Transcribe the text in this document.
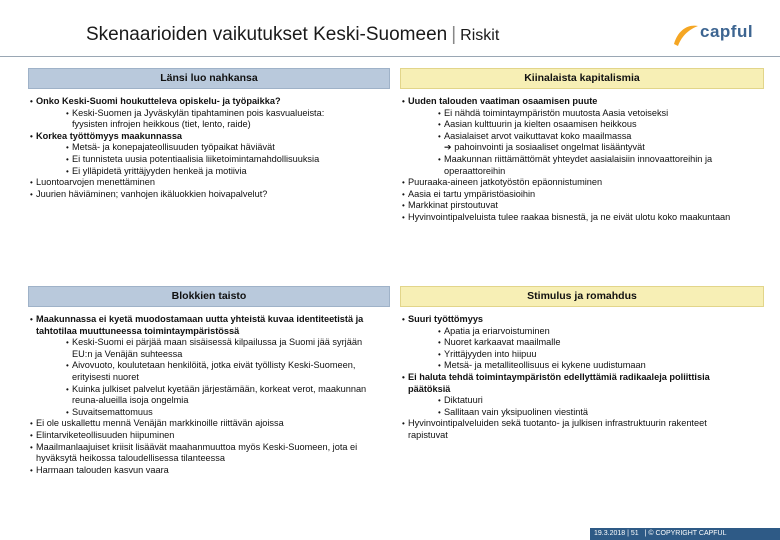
Skenaarioiden vaikutukset Keski-Suomeen | Riskit	capful
Länsi luo nahkansa	Kiinalaista kapitalismia
Blokkien taisto	Stimulus ja romahdus
• Onko Keski-Suomi houkutteleva opiskelu- ja työpaikka?
• Keski-Suomen ja Jyväskylän tipahtaminen pois kasvualueista: fyysisten infrojen heikkous (tiet, lento, raide)
• Korkea työttömyys maakunnassa
• Metsä- ja konepajateollisuuden työpaikat häviävät
• Ei tunnisteta uusia potentiaalisia liiketoimintamahdollisuuksia
• Ei ylläpidetä yrittäjyyden henkeä ja motiivia
• Luontoarvojen menettäminen
• Juurien häviäminen; vanhojen ikäluokkien hoivapalvelut?
• Uuden talouden vaatiman osaamisen puute
• Ei nähdä toimintaympäristön muutosta Aasia vetoiseksi
• Aasian kulttuurin ja kielten osaamisen heikkous
• Aasialaiset arvot vaikuttavat koko maailmassa
➔ pahoinvointi ja sosiaaliset ongelmat lisääntyvät
• Maakunnan riittämättömät yhteydet aasialaisiin innovaattoreihin ja operaattoreihin
• Puuraaka-aineen jatkotyöstön epäonnistuminen
• Aasia ei tartu ympäristöasioihin
• Markkinat pirstoutuvat
• Hyvinvointipalveluista tulee raakaa bisnestä, ja ne eivät ulotu koko maakuntaan
• Maakunnassa ei kyetä muodostamaan uutta yhteistä kuvaa identiteetistä ja tahtotilaa muuttuneessa toimintaympäristössä
• Keski-Suomi ei pärjää maan sisäisessä kilpailussa ja Suomi jää syrjään EU:n ja Venäjän suhteessa
• Aivovuoto, koulutetaan henkilöitä, jotka eivät työllisty Keski-Suomeen, erityisesti nuoret
• Kuinka julkiset palvelut kyetään järjestämään, korkeat verot, maakunnan reuna-alueilla isoja ongelmia
• Suvaitsemattomuus
• Ei ole uskallettu mennä Venäjän markkinoille riittävän ajoissa
• Elintarviketeollisuuden hiipuminen
• Maailmanlaajuiset kriisit lisäävät maahanmuuttoa myös Keski-Suomeen, jota ei hyväksytä heikossa taloudellisessa tilanteessa
• Harmaan talouden kasvun vaara
• Suuri työttömyys
• Apatia ja eriarvoistuminen
• Nuoret karkaavat maailmalle
• Yrittäjyyden into hiipuu
• Metsä- ja metalliteollisuus ei kykene uudistumaan
• Ei haluta tehdä toimintaympäristön edellyttämiä radikaaleja poliittisia päätöksiä
• Diktatuuri
• Sallitaan vain yksipuolinen viestintä
• Hyvinvointipalveluiden sekä tuotanto- ja julkisen infrastruktuurin rakenteet rapistuvat
19.3.2018 | 51 | © COPYRIGHT CAPFUL
